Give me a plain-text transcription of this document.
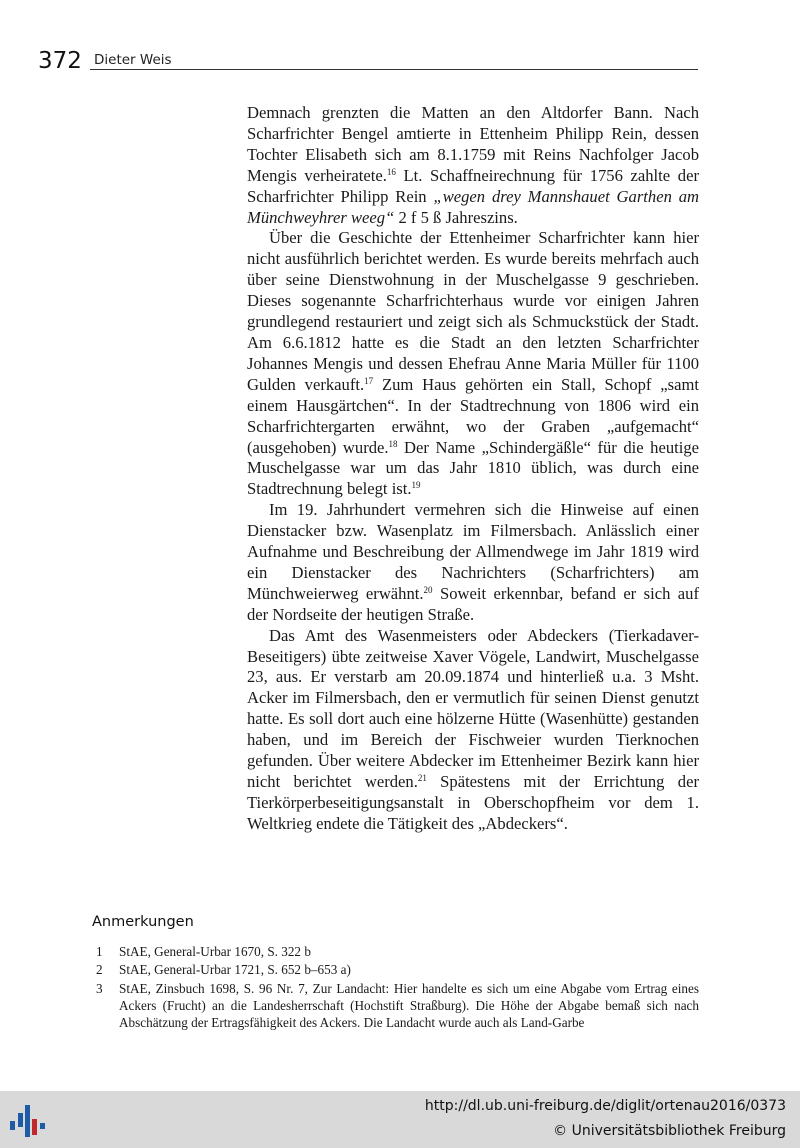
372 Dieter Weis

Demnach grenzten die Matten an den Altdorfer Bann. Nach Scharfrichter Bengel amtierte in Ettenheim Philipp Rein, dessen Tochter Elisabeth sich am 8.1.1759 mit Reins Nachfolger Jacob Mengis verheiratete.$^{16}$ Lt. Schaffneirechnung für 1756 zahlte der Scharfrichter Philipp Rein „wegen drey Mannshauet Garthen am Münchweyhrer weeg“ 2 f 5 ß Jahreszins.

Über die Geschichte der Ettenheimer Scharfrichter kann hier nicht ausführlich berichtet werden. Es wurde bereits mehrfach auch über seine Dienstwohnung in der Muschelgasse 9 geschrieben. Dieses sogenannte Scharfrichterhaus wurde vor einigen Jahren grundlegend restauriert und zeigt sich als Schmuckstück der Stadt. Am 6.6.1812 hatte es die Stadt an den letzten Scharfrichter Johannes Mengis und dessen Ehefrau Anne Maria Müller für 1100 Gulden verkauft.$^{17}$ Zum Haus gehörten ein Stall, Schopf „samt einem Hausgärtchen“. In der Stadtrechnung von 1806 wird ein Scharfrichtergarten erwähnt, wo der Graben „aufgemacht“ (ausgehoben) wurde.$^{18}$ Der Name „Schindergäßle“ für die heutige Muschelgasse war um das Jahr 1810 üblich, was durch eine Stadtrechnung belegt ist.$^{19}$

Im 19. Jahrhundert vermehren sich die Hinweise auf einen Dienstacker bzw. Wasenplatz im Filmersbach. Anlässlich einer Aufnahme und Beschreibung der Allmendwege im Jahr 1819 wird ein Dienstacker des Nachrichters (Scharfrichters) am Münchweierweg erwähnt.$^{20}$ Soweit erkennbar, befand er sich auf der Nordseite der heutigen Straße.

Das Amt des Wasenmeisters oder Abdeckers (Tierkadaver-Beseitigers) übte zeitweise Xaver Vögele, Landwirt, Muschelgasse 23, aus. Er verstarb am 20.09.1874 und hinterließ u.a. 3 Msht. Acker im Filmersbach, den er vermutlich für seinen Dienst genutzt hatte. Es soll dort auch eine hölzerne Hütte (Wasenhütte) gestanden haben, und im Bereich der Fischweier wurden Tierknochen gefunden. Über weitere Abdecker im Ettenheimer Bezirk kann hier nicht berichtet werden.$^{21}$ Spätestens mit der Errichtung der Tierkörperbeseitigungsanstalt in Oberschopfheim vor dem 1. Weltkrieg endete die Tätigkeit des „Abdeckers“.

Anmerkungen
1	StAE, General-Urbar 1670, S. 322 b
2	StAE, General-Urbar 1721, S. 652 b–653 a)
3	StAE, Zinsbuch 1698, S. 96 Nr. 7, Zur Landacht: Hier handelte es sich um eine Abgabe vom Ertrag eines Ackers (Frucht) an die Landesherrschaft (Hochstift Straßburg). Die Höhe der Abgabe bemaß sich nach Abschätzung der Ertragsfähigkeit des Ackers. Die Landacht wurde auch als Land-Garbe
http://dl.ub.uni-freiburg.de/diglit/ortenau2016/0373
© Universitätsbibliothek Freiburg
